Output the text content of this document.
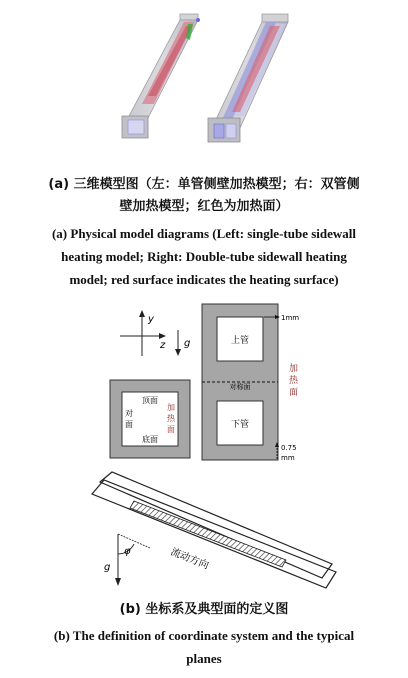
(a) 三维模型图（左：单管侧壁加热模型；右：双管侧
壁加热模型；红色为加热面）
(a) Physical model diagrams (Left: single-tube sidewall
heating model; Right: Double-tube sidewall heating
model; red surface indicates the heating surface)
y
z g	上管
下管
对称面
1mm
0.75
mm
加
热
面
顶面
底面
对
面
加
热
面
g
φ	流动方向
(b) 坐标系及典型面的定义图
(b) The definition of coordinate system and the typical
planes
